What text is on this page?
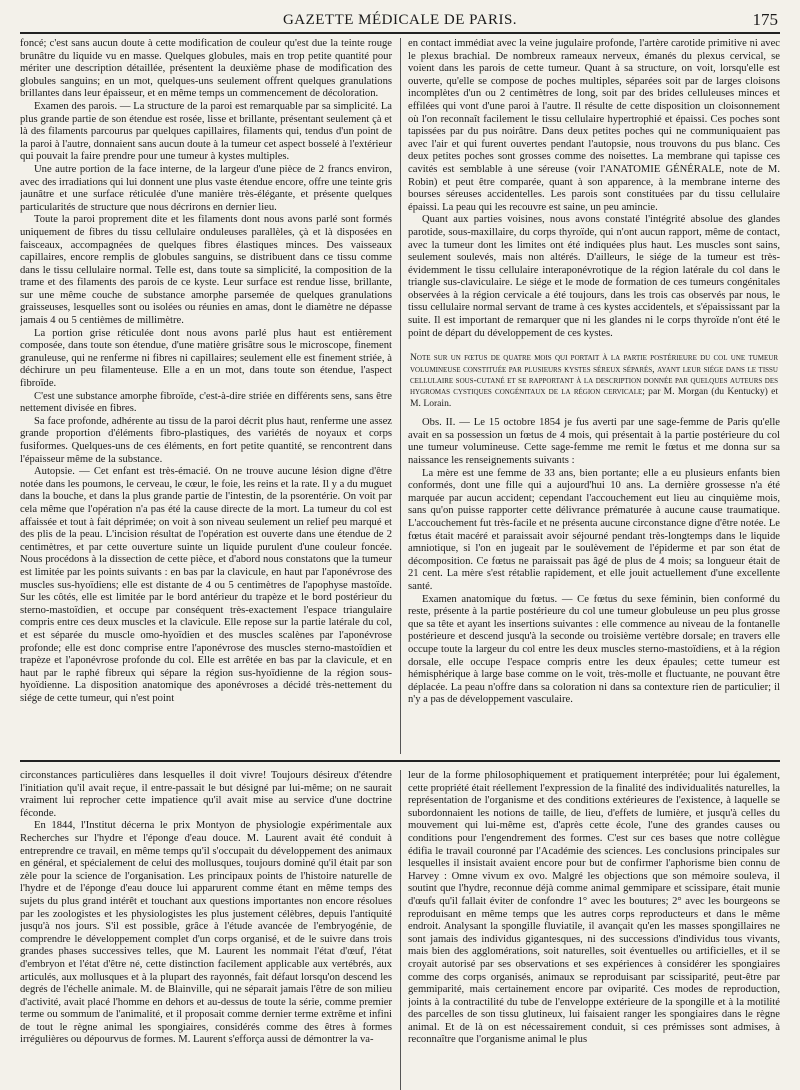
GAZETTE MÉDICALE DE PARIS.	175

foncé; c'est sans aucun doute à cette modification de couleur qu'est due la teinte rouge brunâtre du liquide vu en masse. Quelques globules, mais en trop petite quantité pour mériter une description détaillée, présentent la deuxième phase de modification des globules sanguins; en un mot, quelques-uns seulement offrent quelques granulations brillantes dans leur épaisseur, et en même temps un commencement de décoloration.

Examen des parois. — La structure de la paroi est remarquable par sa simplicité. La plus grande partie de son étendue est rosée, lisse et brillante, présentant seulement çà et là des filaments parcourus par quelques capillaires, filaments qui, tendus d'un point de la paroi à l'autre, donnaient sans aucun doute à la tumeur cet aspect bosselé à l'extérieur qui pouvait la faire prendre pour une tumeur à kystes multiples.

Une autre portion de la face interne, de la largeur d'une pièce de 2 francs environ, avec des irradiations qui lui donnent une plus vaste étendue encore, offre une teinte gris jaunâtre et une surface réticulée d'une manière très-élégante, et présente quelques particularités de structure que nous décrirons en dernier lieu.

Toute la paroi proprement dite et les filaments dont nous avons parlé sont formés uniquement de fibres du tissu cellulaire onduleuses parallèles, çà et là disposées en faisceaux, accompagnées de quelques fibres élastiques minces. Des vaisseaux capillaires, encore remplis de globules sanguins, se distribuent dans ce tissu comme dans le tissu cellulaire normal. Telle est, dans toute sa simplicité, la composition de la trame et des filaments des parois de ce kyste. Leur surface est rendue lisse, brillante, sur une même couche de substance amorphe parsemée de quelques granulations graisseuses, lesquelles sont ou isolées ou réunies en amas, dont le diamètre ne dépasse jamais 4 ou 5 centièmes de millimètre.

La portion grise réticulée dont nous avons parlé plus haut est entièrement composée, dans toute son étendue, d'une matière grisâtre sous le microscope, finement granuleuse, qui ne renferme ni fibres ni capillaires; seulement elle est finement striée, à déchirure un peu filamenteuse. Elle a en un mot, dans toute son étendue, l'aspect fibroïde.

C'est une substance amorphe fibroïde, c'est-à-dire striée en différents sens, sans être nettement divisée en fibres.

Sa face profonde, adhérente au tissu de la paroi décrit plus haut, renferme une assez grande proportion d'éléments fibro-plastiques, des variétés de noyaux et corps fusiformes. Quelques-uns de ces éléments, en fort petite quantité, se rencontrent dans l'épaisseur même de la substance.

Autopsie. — Cet enfant est très-émacié. On ne trouve aucune lésion digne d'être notée dans les poumons, le cerveau, le cœur, le foie, les reins et la rate. Il y a du muguet dans la bouche, et dans la plus grande partie de l'intestin, de la psorentérie. On voit par cela même que l'opération n'a pas été la cause directe de la mort. La tumeur du col est affaissée et tout à fait déprimée; on voit à son niveau seulement un relief peu marqué et des plis de la peau. L'incision résultat de l'opération est ouverte dans une étendue de 2 centimètres, et par cette ouverture suinte un liquide purulent d'une couleur foncée. Nous procédons à la dissection de cette pièce, et d'abord nous constatons que la tumeur est limitée par les points suivants : en bas par la clavicule, en haut par l'aponévrose des muscles sus-hyoïdiens; elle est distante de 4 ou 5 centimètres de l'apophyse mastoïde. Sur les côtés, elle est limitée par le bord antérieur du trapèze et le bord postérieur du sterno-mastoïdien, et occupe par conséquent très-exactement l'espace triangulaire compris entre ces deux muscles et la clavicule. Elle repose sur la partie latérale du col, et est séparée du muscle omo-hyoïdien et des muscles scalènes par l'aponévrose profonde; elle est donc comprise entre l'aponévrose des muscles sterno-mastoïdien et trapèze et l'aponévrose profonde du col. Elle est arrêtée en bas par la clavicule, et en haut par le raphé fibreux qui sépare la région sus-hyoïdienne de la région sous-hyoïdienne. La disposition anatomique des aponévroses a décidé très-nettement du siége de cette tumeur, qui n'est point

en contact immédiat avec la veine jugulaire profonde, l'artère carotide primitive ni avec le plexus brachial. De nombreux rameaux nerveux, émanés du plexus cervical, se voient dans les parois de cette tumeur. Quant à sa structure, on voit, lorsqu'elle est ouverte, qu'elle se compose de poches multiples, séparées soit par de larges cloisons incomplètes d'un ou 2 centimètres de long, soit par des brides celluleuses minces et effilées qui vont d'une paroi à l'autre. Il résulte de cette disposition un cloisonnement où l'on reconnaît facilement le tissu cellulaire hypertrophié et épaissi. Ces poches sont tapissées par du pus noirâtre. Dans deux petites poches qui ne communiquaient pas avec l'air et qui furent ouvertes pendant l'autopsie, nous trouvons du pus blanc. Ces deux petites poches sont grosses comme des noisettes. La membrane qui tapisse ces cavités est semblable à une séreuse (voir l'ANATOMIE GÉNÉRALE, note de M. Robin) et peut être comparée, quant à son apparence, à la membrane interne des bourses séreuses accidentelles. Les parois sont constituées par du tissu cellulaire épaissi. La peau qui les recouvre est saine, un peu amincie.

Quant aux parties voisines, nous avons constaté l'intégrité absolue des glandes parotide, sous-maxillaire, du corps thyroïde, qui n'ont aucun rapport, même de contact, avec la tumeur dont les limites ont été indiquées plus haut. Les muscles sont sains, seulement soulevés, mais non altérés. D'ailleurs, le siége de la tumeur est très-évidemment le tissu cellulaire interaponévrotique de la région latérale du col dans le triangle sus-claviculaire. Le siége et le mode de formation de ces tumeurs congénitales observées à la région cervicale a été toujours, dans les trois cas observés par nous, le tissu cellulaire normal servant de trame à ces kystes accidentels, et s'épaississant par la suite. Il est important de remarquer que ni les glandes ni le corps thyroïde n'ont été le point de départ du développement de ces kystes.

Note sur un fœtus de quatre mois qui portait à la partie postérieure du col une tumeur volumineuse constituée par plusieurs kystes séreux séparés, ayant leur siége dans le tissu cellulaire sous-cutané et se rapportant à la description donnée par quelques auteurs des hygromas cystiques congénitaux de la région cervicale; par M. Morgan (du Kentucky) et M. Lorain.

Obs. II. — Le 15 octobre 1854 je fus averti par une sage-femme de Paris qu'elle avait en sa possession un fœtus de 4 mois, qui présentait à la partie postérieure du col une tumeur volumineuse. Cette sage-femme me remit le fœtus et me donna sur sa naissance les renseignements suivants :

La mère est une femme de 33 ans, bien portante; elle a eu plusieurs enfants bien conformés, dont une fille qui a aujourd'hui 10 ans. La dernière grossesse n'a été marquée par aucun accident; cependant l'accouchement eut lieu au cinquième mois, sans qu'on puisse rapporter cette délivrance prématurée à aucune cause traumatique. L'accouchement fut très-facile et ne présenta aucune circonstance digne d'être notée. Le fœtus était macéré et paraissait avoir séjourné pendant très-longtemps dans le liquide amniotique, si l'on en jugeait par le soulèvement de l'épiderme et par son état de décomposition. Ce fœtus ne paraissait pas âgé de plus de 4 mois; sa longueur était de 21 cent. La mère s'est rétablie rapidement, et elle jouit actuellement d'une excellente santé.

Examen anatomique du fœtus. — Ce fœtus du sexe féminin, bien conformé du reste, présente à la partie postérieure du col une tumeur globuleuse un peu plus grosse que sa tête et ayant les insertions suivantes : elle commence au niveau de la fontanelle postérieure et descend jusqu'à la seconde ou troisième vertèbre dorsale; en travers elle occupe toute la largeur du col entre les deux muscles sterno-mastoïdiens, et à la région dorsale, elle occupe l'espace compris entre les deux épaules; cette tumeur est hémisphérique à large base comme on le voit, très-molle et fluctuante, ne pouvant être déplacée. La peau n'offre dans sa coloration ni dans sa contexture rien de particulier; il n'y a pas de développement vasculaire.

circonstances particulières dans lesquelles il doit vivre! Toujours désireux d'étendre l'initiation qu'il avait reçue, il entre-passait le but désigné par lui-même; on ne saurait vraiment lui reprocher cette impatience qu'il avait mise au service d'une doctrine féconde.

En 1844, l'Institut décerna le prix Montyon de physiologie expérimentale aux Recherches sur l'hydre et l'éponge d'eau douce. M. Laurent avait été conduit à entreprendre ce travail, en même temps qu'il s'occupait du développement des animaux en général, et spécialement de celui des mollusques, toujours dominé qu'il était par son zèle pour la science de l'organisation. Les principaux points de l'histoire naturelle de l'hydre et de l'éponge d'eau douce lui apparurent comme étant en même temps des sujets du plus grand intérêt et touchant aux questions importantes non encore résolues par les zoologistes et les physiologistes les plus justement célèbres, depuis l'antiquité jusqu'à nos jours. S'il est possible, grâce à l'étude avancée de l'embryogénie, de comprendre le développement complet d'un corps organisé, et de le suivre dans trois grandes phases successives telles, que M. Laurent les nommait l'état d'œuf, l'état d'embryon et l'état d'être né, cette distinction facilement applicable aux vertébrés, aux articulés, aux mollusques et à la plupart des rayonnés, fait défaut lorsqu'on descend les degrés de l'échelle animale. M. de Blainville, qui ne séparait jamais l'être de son milieu d'activité, avait placé l'homme en dehors et au-dessus de toute la série, comme premier terme ou sommum de l'animalité, et il proposait comme dernier terme extrême et infini de tout le règne animal les spongiaires, considérés comme des êtres à formes irrégulières ou dépourvus de formes. M. Laurent s'efforça aussi de démontrer la va-

leur de la forme philosophiquement et pratiquement interprétée; pour lui également, cette propriété était réellement l'expression de la finalité des individualités naturelles, la représentation de l'organisme et des conditions extérieures de l'existence, à laquelle se subordonnaient les notions de taille, de lieu, d'effets de lumière, et jusqu'à celles du mouvement qui lui-même est, d'après cette école, l'une des grandes causes ou conditions pour l'engendrement des formes. C'est sur ces bases que notre collègue édifia le travail couronné par l'Académie des sciences. Les conclusions principales sur lesquelles il insistait avaient encore pour but de confirmer l'aphorisme bien connu de Harvey : Omne vivum ex ovo. Malgré les objections que son mémoire souleva, il soutint que l'hydre, reconnue déjà comme animal gemmipare et scissipare, était munie d'œufs qu'il fallait éviter de confondre 1° avec les boutures; 2° avec les bourgeons se reproduisant en même temps que les autres corps reproducteurs et dans le même endroit. Analysant la spongille fluviatile, il avançait qu'en les masses spongillaires ne sont jamais des individus gigantesques, ni des successions d'individus tous vivants, mais bien des agglomérations, soit naturelles, soit éventuelles ou artificielles, et il se croyait autorisé par ses observations et ses expériences à considérer les spongiaires comme des corps organisés, animaux se reproduisant par scissiparité, peut-être par gemmiparité, mais certainement encore par oviparité. Ces modes de reproduction, joints à la contractilité du tube de l'enveloppe extérieure de la spongille et à la motilité des parcelles de son tissu glutineux, lui faisaient ranger les spongiaires dans le règne animal. Et de là on est nécessairement conduit, si ces prémisses sont admises, à reconnaître que l'organisme animal le plus
